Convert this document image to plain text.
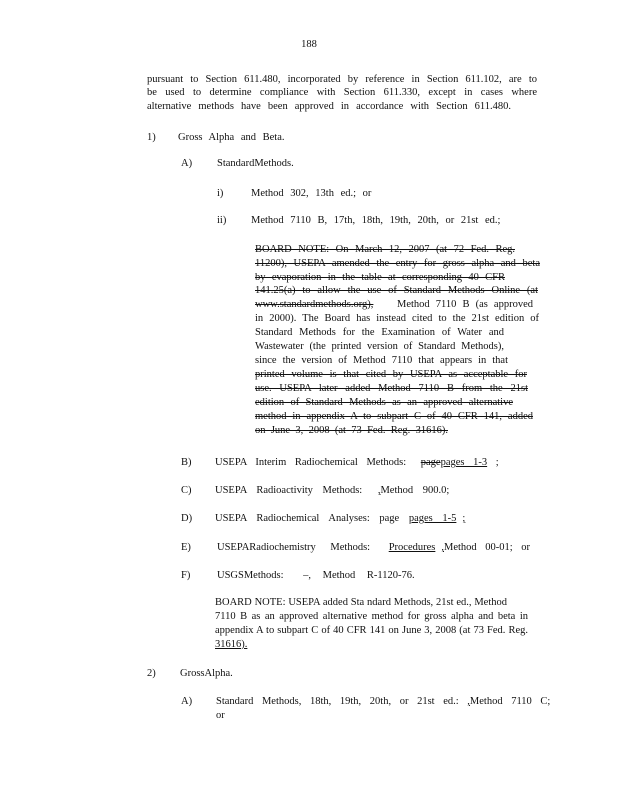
188
pursuant to Section 611.480, incorporated by reference in Section 611.102, are to
be used to determine compliance with Section 611.330, except in cases where
alternative methods have been approved in accordance with Section 611.480.
1) Gross Alpha and Beta.
A) StandardMethods.
i)	Method 302, 13th ed.; or
ii) Method 7110 B, 17th, 18th, 19th, 20th, or 21st ed.;
BOARD NOTE: On March 12, 2007 (at 72 Fed. Reg.
11200), USEPA amended the entry for gross alpha and beta
by evaporation in the table at corresponding 40 CFR
141.25(a) to allow the use of Standard Methods Online (at
www.standardmethods.org), Method 7110 B (as approved
in 2000). The Board has instead cited to the 21st edition of
Standard Methods for the Examination of Water and
Wastewater (the printed version of Standard Methods),
since the version of Method 7110 that appears in that
printed volume is that cited by USEPA as acceptable for
use. USEPA later added Method 7110 B from the 21st
edition of Standard Methods as an approved alternative
method in appendix A to subpart C of 40 CFR 141, added
on June 3, 2008 (at 73 Fed. Reg. 31616).
B) USEPA Interim Radiochemical Methods: pagepages 1-3 ;
C) USEPA Radioactivity Methods: ,Method 900.0;
D) USEPA Radiochemical Analyses: page pages 1-5 ;
E) USEPARadiochemistry Methods: Procedures ,Method 00-01; or
F)	USGSMethods: –, Method R-1120-76.
BOARD NOTE: USEPA added Sta ndard Methods, 21st ed., Method
7110 B as an approved alternative method for gross alpha and beta in
appendix A to subpart C of 40 CFR 141 on June 3, 2008 (at 73 Fed. Reg.
31616).
2) GrossAlpha.
A) Standard Methods, 18th, 19th, 20th, or 21st ed.: ,Method 7110 C;
or
